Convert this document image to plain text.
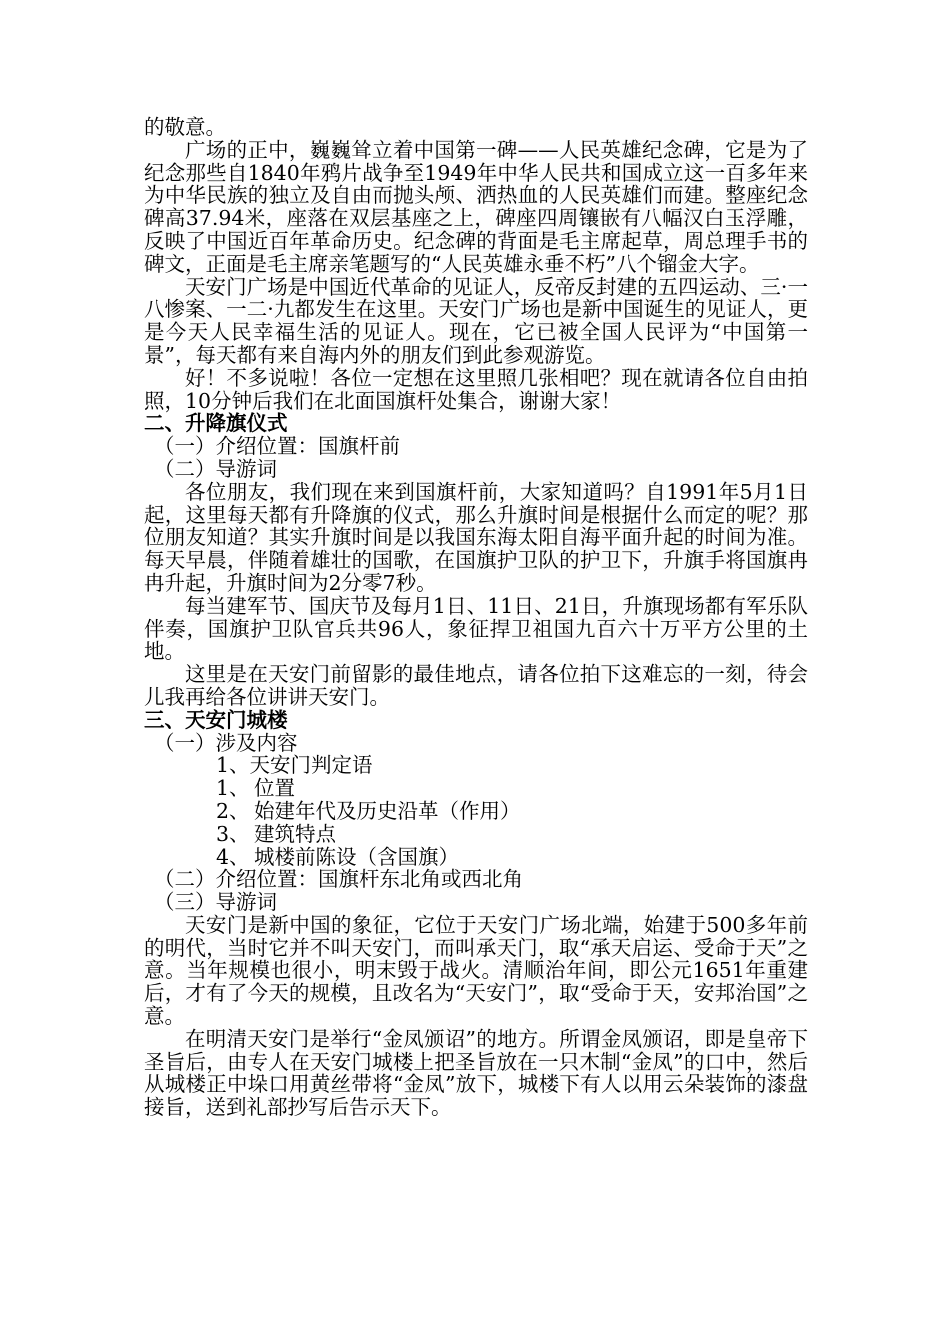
的敬意。

广场的正中，巍巍耸立着中国第一碑——人民英雄纪念碑，它是为了纪念那些自1840年鸦片战争至1949年中华人民共和国成立这一百多年来为中华民族的独立及自由而抛头颅、洒热血的人民英雄们而建。整座纪念碑高37.94米，座落在双层基座之上，碑座四周镶嵌有八幅汉白玉浮雕，反映了中国近百年革命历史。纪念碑的背面是毛主席起草，周总理手书的碑文，正面是毛主席亲笔题写的“人民英雄永垂不朽”八个镏金大字。

天安门广场是中国近代革命的见证人，反帝反封建的五四运动、三·一八惨案、一二·九都发生在这里。天安门广场也是新中国诞生的见证人，更是今天人民幸福生活的见证人。现在，它已被全国人民评为“中国第一景”，每天都有来自海内外的朋友们到此参观游览。

好！不多说啦！各位一定想在这里照几张相吧？现在就请各位自由拍照，10分钟后我们在北面国旗杆处集合，谢谢大家！

二、升降旗仪式

（一）介绍位置：国旗杆前

（二）导游词

各位朋友，我们现在来到国旗杆前，大家知道吗？自1991年5月1日起，这里每天都有升降旗的仪式，那么升旗时间是根据什么而定的呢？那位朋友知道？其实升旗时间是以我国东海太阳自海平面升起的时间为准。每天早晨，伴随着雄壮的国歌，在国旗护卫队的护卫下，升旗手将国旗冉冉升起，升旗时间为2分零7秒。

每当建军节、国庆节及每月1日、11日、21日，升旗现场都有军乐队伴奏，国旗护卫队官兵共96人，象征捍卫祖国九百六十万平方公里的土地。

这里是在天安门前留影的最佳地点，请各位拍下这难忘的一刻，待会儿我再给各位讲讲天安门。

三、天安门城楼

（一）涉及内容

1、天安门判定语

1、 位置

2、 始建年代及历史沿革（作用）

3、 建筑特点

4、 城楼前陈设（含国旗）

（二）介绍位置：国旗杆东北角或西北角

（三）导游词

天安门是新中国的象征，它位于天安门广场北端，始建于500多年前的明代，当时它并不叫天安门，而叫承天门，取“承天启运、受命于天”之意。当年规模也很小，明末毁于战火。清顺治年间，即公元1651年重建后，才有了今天的规模，且改名为“天安门”，取“受命于天，安邦治国”之意。

在明清天安门是举行“金凤颁诏”的地方。所谓金凤颁诏，即是皇帝下圣旨后，由专人在天安门城楼上把圣旨放在一只木制“金凤”的口中，然后从城楼正中垛口用黄丝带将“金凤”放下，城楼下有人以用云朵装饰的漆盘接旨，送到礼部抄写后告示天下。
